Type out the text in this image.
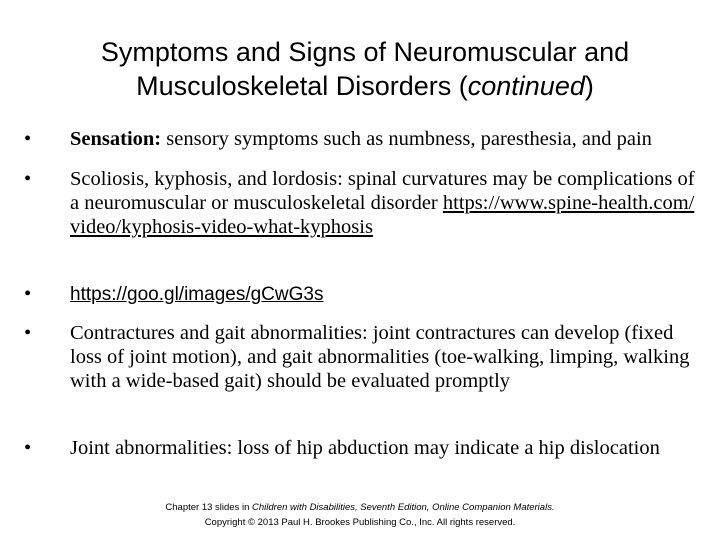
Symptoms and Signs of Neuromuscular and
Musculoskeletal Disorders (continued)
• Sensation: sensory symptoms such as numbness, paresthesia, and pain
• Scoliosis, kyphosis, and lordosis: spinal curvatures may be complications of a neuromuscular or musculoskeletal disorder https://www.spine-health.com/video/kyphosis-video-what-kyphosis
• https://goo.gl/images/gCwG3s
• Contractures and gait abnormalities: joint contractures can develop (fixed loss of joint motion), and gait abnormalities (toe-walking, limping, walking with a wide-based gait) should be evaluated promptly
• Joint abnormalities: loss of hip abduction may indicate a hip dislocation
Chapter 13 slides in Children with Disabilities, Seventh Edition, Online Companion Materials.
Copyright © 2013 Paul H. Brookes Publishing Co., Inc. All rights reserved.
